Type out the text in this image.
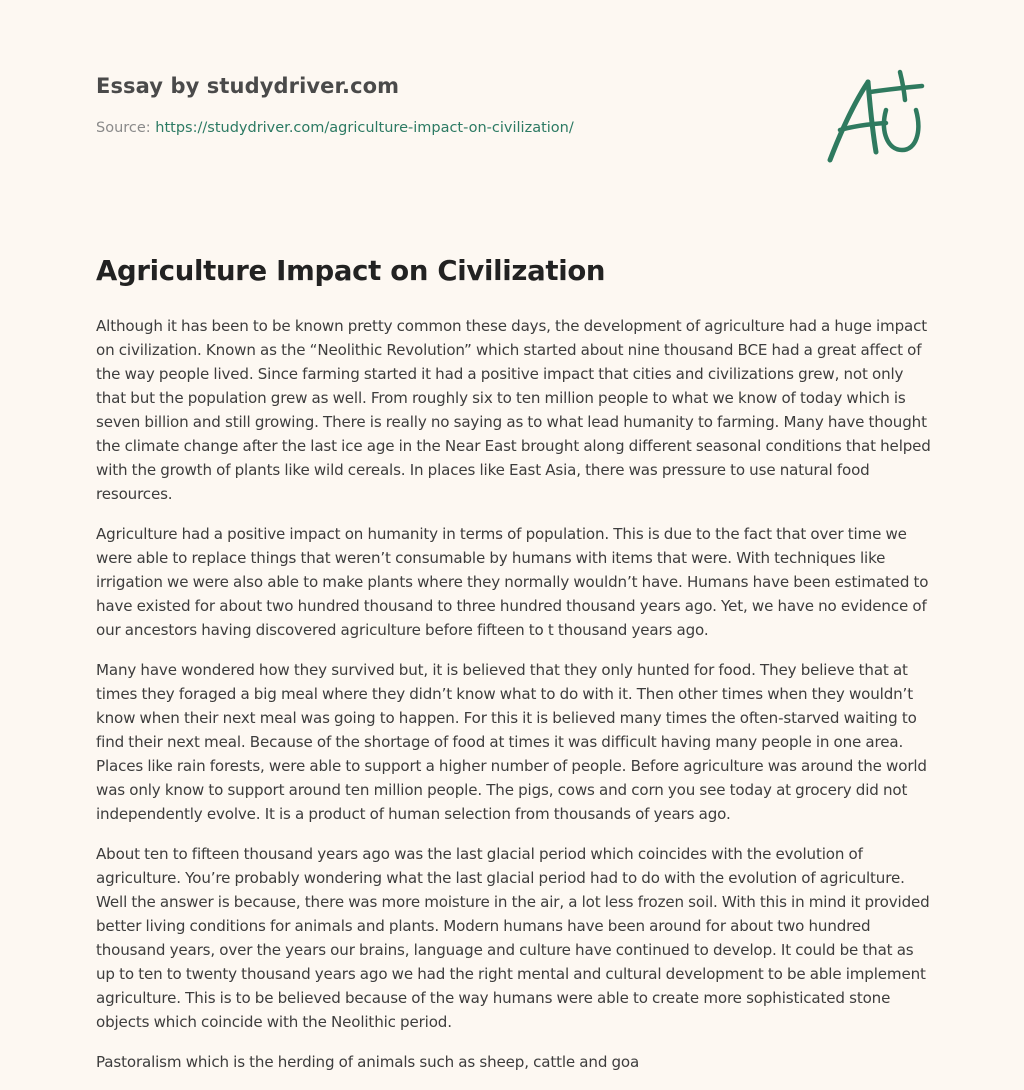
Essay by studydriver.com
Source: https://studydriver.com/agriculture-impact-on-civilization/
Agriculture Impact on Civilization

Although it has been to be known pretty common these days, the development of agriculture had a huge impact on civilization. Known as the “Neolithic Revolution” which started about nine thousand BCE had a great affect of the way people lived. Since farming started it had a positive impact that cities and civilizations grew, not only that but the population grew as well. From roughly six to ten million people to what we know of today which is seven billion and still growing. There is really no saying as to what lead humanity to farming. Many have thought the climate change after the last ice age in the Near East brought along different seasonal conditions that helped with the growth of plants like wild cereals. In places like East Asia, there was pressure to use natural food resources.

Agriculture had a positive impact on humanity in terms of population. This is due to the fact that over time we were able to replace things that weren’t consumable by humans with items that were. With techniques like irrigation we were also able to make plants where they normally wouldn’t have. Humans have been estimated to have existed for about two hundred thousand to three hundred thousand years ago. Yet, we have no evidence of our ancestors having discovered agriculture before fifteen to t thousand years ago.

Many have wondered how they survived but, it is believed that they only hunted for food. They believe that at times they foraged a big meal where they didn’t know what to do with it. Then other times when they wouldn’t know when their next meal was going to happen. For this it is believed many times the often-starved waiting to find their next meal. Because of the shortage of food at times it was difficult having many people in one area. Places like rain forests, were able to support a higher number of people. Before agriculture was around the world was only know to support around ten million people. The pigs, cows and corn you see today at grocery did not independently evolve. It is a product of human selection from thousands of years ago.

About ten to fifteen thousand years ago was the last glacial period which coincides with the evolution of agriculture. You’re probably wondering what the last glacial period had to do with the evolution of agriculture. Well the answer is because, there was more moisture in the air, a lot less frozen soil. With this in mind it provided better living conditions for animals and plants. Modern humans have been around for about two hundred thousand years, over the years our brains, language and culture have continued to develop. It could be that as up to ten to twenty thousand years ago we had the right mental and cultural development to be able implement agriculture. This is to be believed because of the way humans were able to create more sophisticated stone objects which coincide with the Neolithic period.

Pastoralism which is the herding of animals such as sheep, cattle and goa
